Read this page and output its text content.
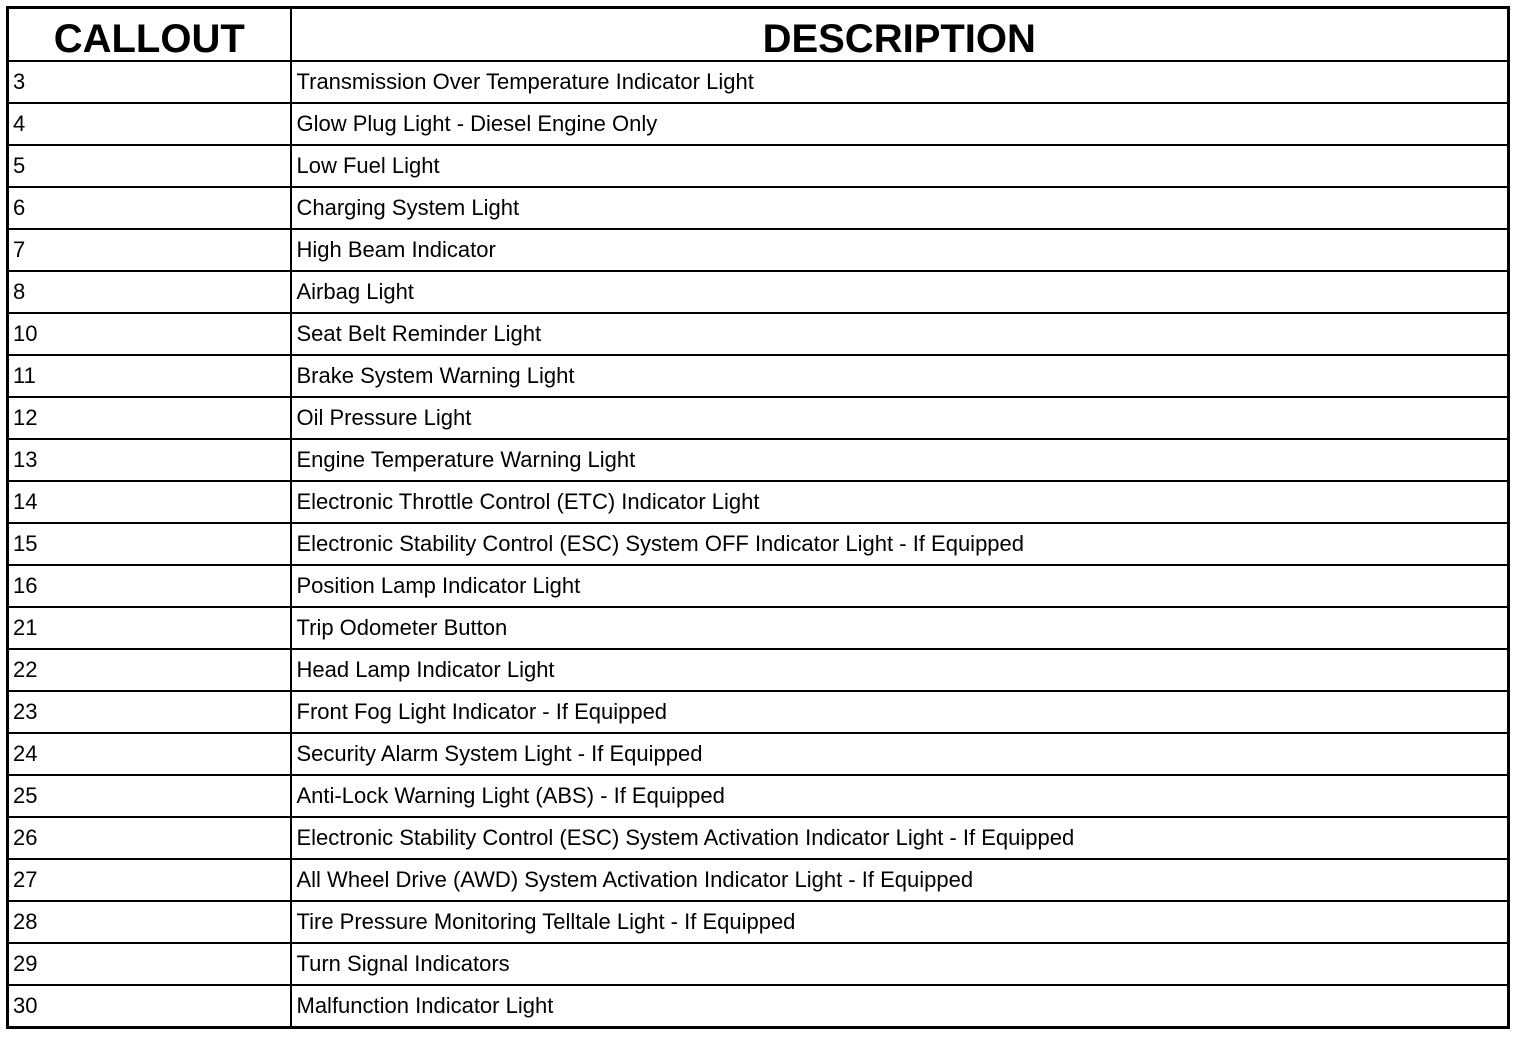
CALLOUT	DESCRIPTION
3	Transmission Over Temperature Indicator Light
4	Glow Plug Light - Diesel Engine Only
5	Low Fuel Light
6	Charging System Light
7	High Beam Indicator
8	Airbag Light
10	Seat Belt Reminder Light
11	Brake System Warning Light
12	Oil Pressure Light
13	Engine Temperature Warning Light
14	Electronic Throttle Control (ETC) Indicator Light
15	Electronic Stability Control (ESC) System OFF Indicator Light - If Equipped
16	Position Lamp Indicator Light
21	Trip Odometer Button
22	Head Lamp Indicator Light
23	Front Fog Light Indicator - If Equipped
24	Security Alarm System Light - If Equipped
25	Anti-Lock Warning Light (ABS) - If Equipped
26	Electronic Stability Control (ESC) System Activation Indicator Light - If Equipped
27	All Wheel Drive (AWD) System Activation Indicator Light - If Equipped
28	Tire Pressure Monitoring Telltale Light - If Equipped
29	Turn Signal Indicators
30	Malfunction Indicator Light
